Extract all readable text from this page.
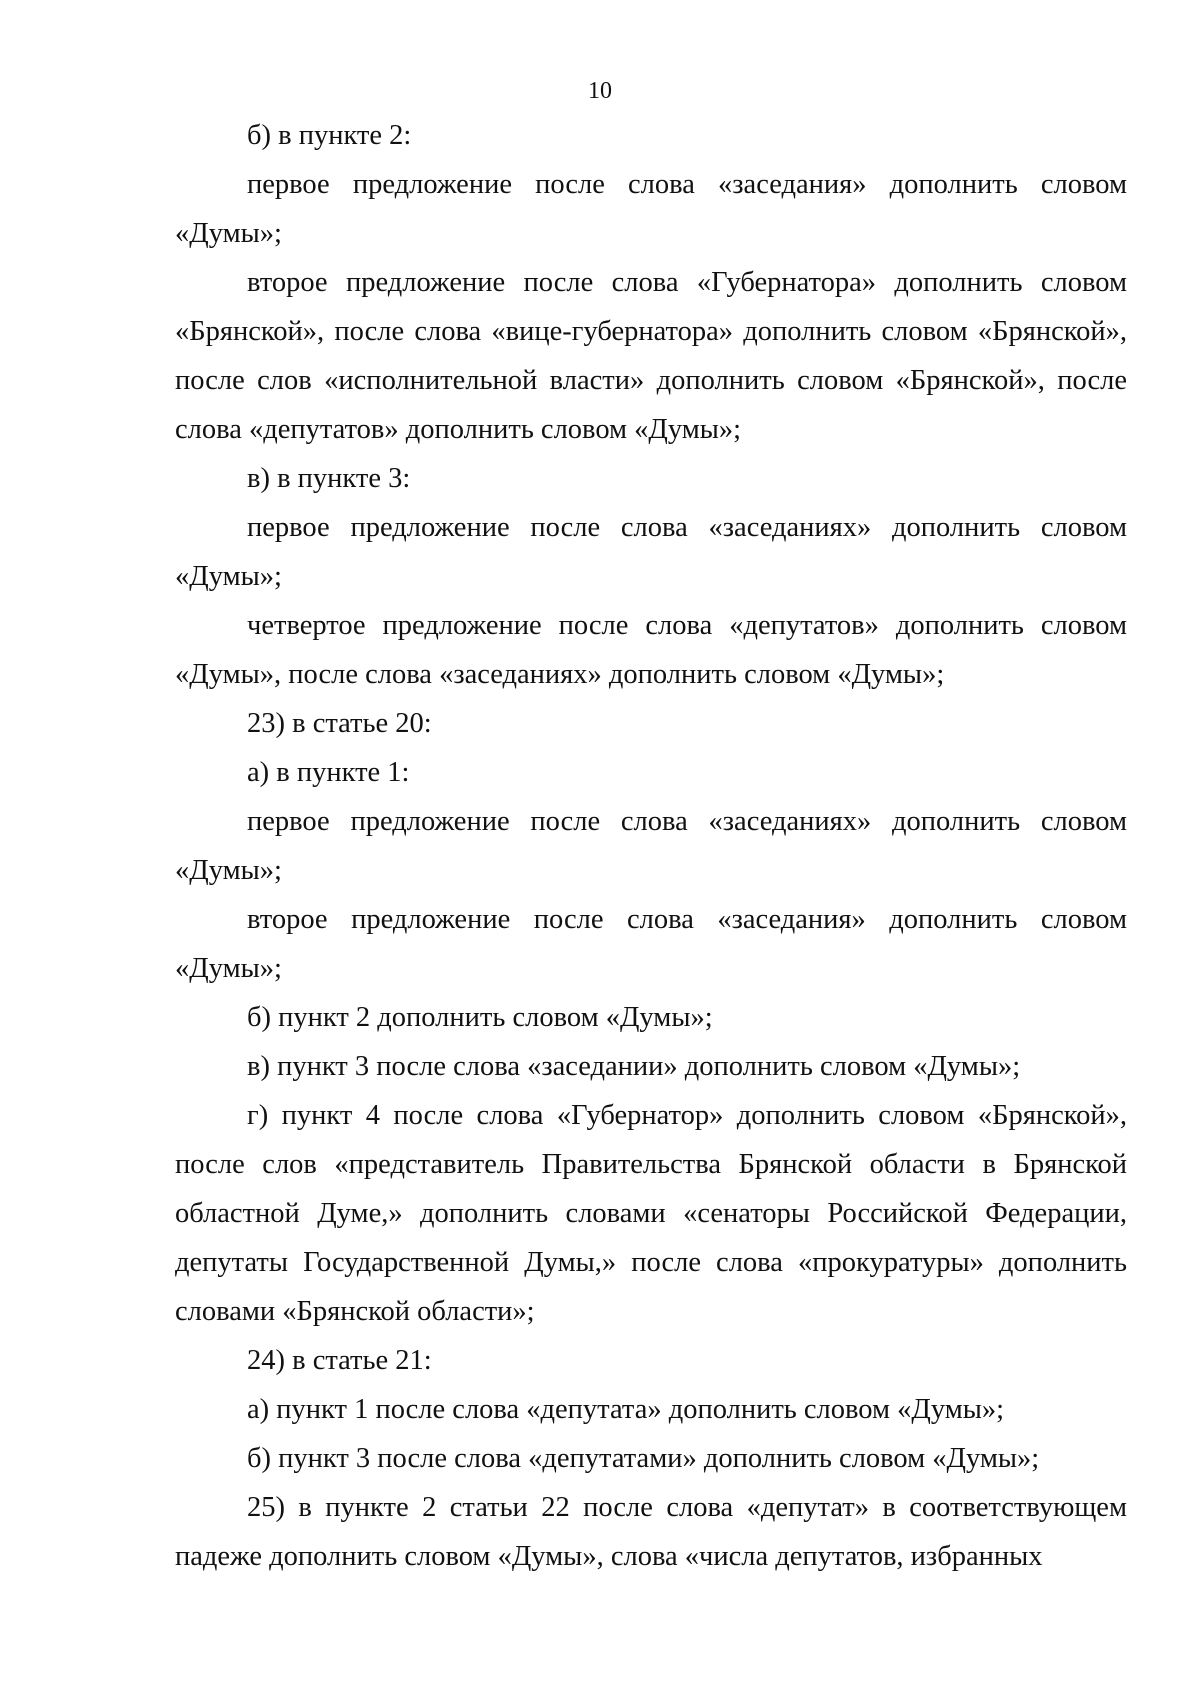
10

б) в пункте 2:

первое предложение после слова «заседания» дополнить словом «Думы»;

второе предложение после слова «Губернатора» дополнить словом «Брянской», после слова «вице-губернатора» дополнить словом «Брянской», после слов «исполнительной власти» дополнить словом «Брянской», после слова «депутатов» дополнить словом «Думы»;

в) в пункте 3:

первое предложение после слова «заседаниях» дополнить словом «Думы»;

четвертое предложение после слова «депутатов» дополнить словом «Думы», после слова «заседаниях» дополнить словом «Думы»;

23) в статье 20:

а) в пункте 1:

первое предложение после слова «заседаниях» дополнить словом «Думы»;

второе предложение после слова «заседания» дополнить словом «Думы»;

б) пункт 2 дополнить словом «Думы»;

в) пункт 3 после слова «заседании» дополнить словом «Думы»;

г) пункт 4 после слова «Губернатор» дополнить словом «Брянской», после слов «представитель Правительства Брянской области в Брянской областной Думе,» дополнить словами «сенаторы Российской Федерации, депутаты Государственной Думы,» после слова «прокуратуры» дополнить словами «Брянской области»;

24) в статье 21:

а) пункт 1 после слова «депутата» дополнить словом «Думы»;

б) пункт 3 после слова «депутатами» дополнить словом «Думы»;

25) в пункте 2 статьи 22 после слова «депутат» в соответствующем падеже дополнить словом «Думы», слова «числа депутатов, избранных
